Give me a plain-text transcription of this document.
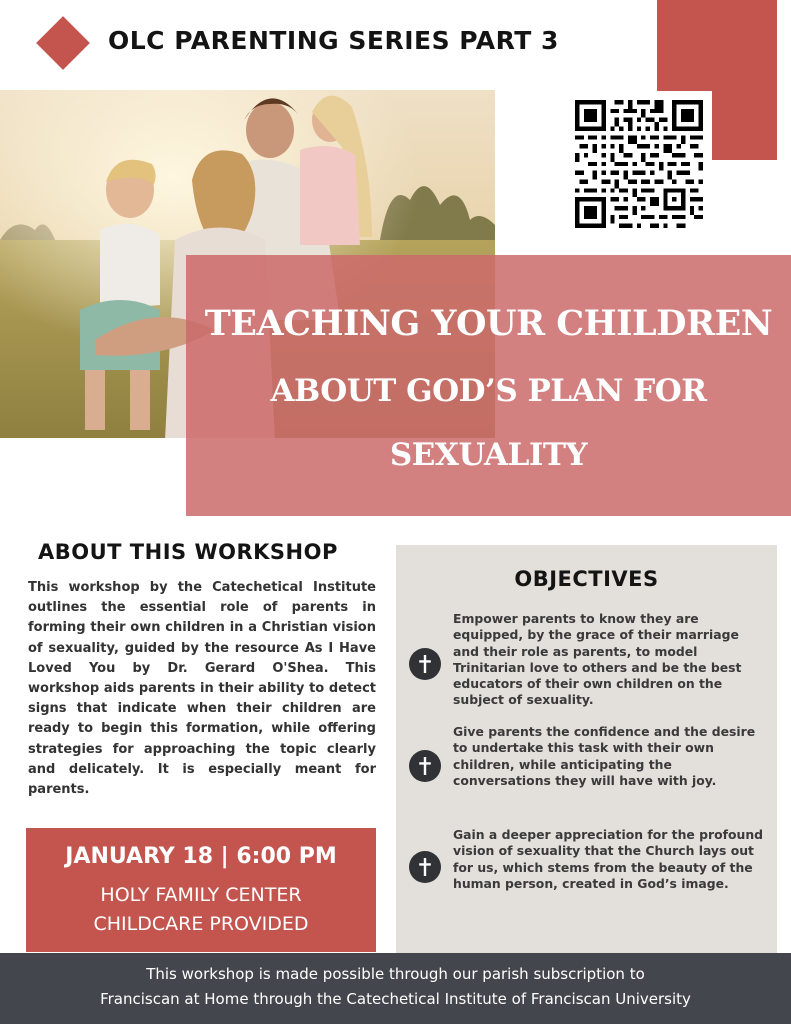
OLC PARENTING SERIES PART 3
TEACHING YOUR CHILDREN
ABOUT GOD’S PLAN FOR
SEXUALITY
ABOUT THIS WORKSHOP
This workshop by the Catechetical Institute outlines the essential role of parents in forming their own children in a Christian vision of sexuality, guided by the resource As I Have Loved You by Dr. Gerard O'Shea. This workshop aids parents in their ability to detect signs that indicate when their children are ready to begin this formation, while offering strategies for approaching the topic clearly and delicately. It is especially meant for parents.
JANUARY 18 | 6:00 PM
HOLY FAMILY CENTER
CHILDCARE PROVIDED
OBJECTIVES
Empower parents to know they are equipped, by the grace of their marriage and their role as parents, to model Trinitarian love to others and be the best educators of their own children on the subject of sexuality.
Give parents the confidence and the desire to undertake this task with their own children, while anticipating the conversations they will have with joy.
Gain a deeper appreciation for the profound vision of sexuality that the Church lays out for us, which stems from the beauty of the human person, created in God’s image.
This workshop is made possible through our parish subscription to
Franciscan at Home through the Catechetical Institute of Franciscan University
